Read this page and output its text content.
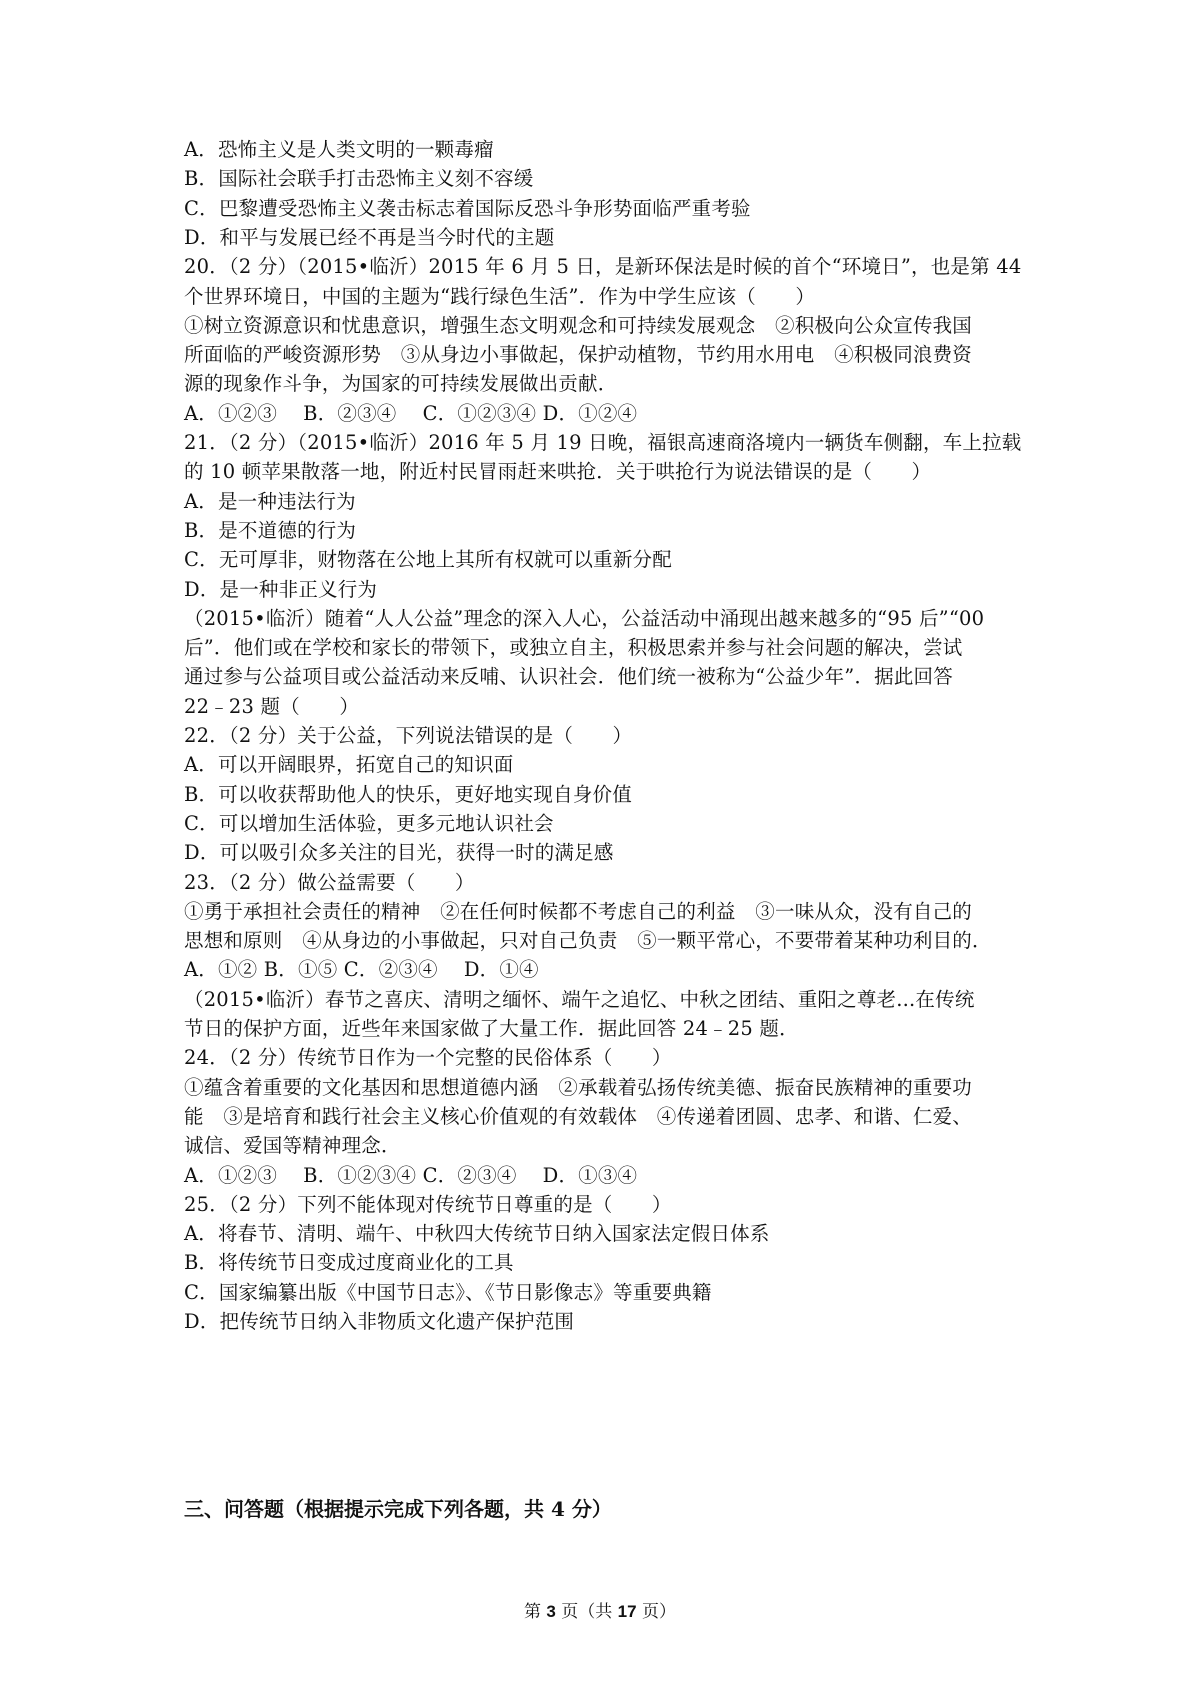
A．恐怖主义是人类文明的一颗毒瘤
B．国际社会联手打击恐怖主义刻不容缓
C．巴黎遭受恐怖主义袭击标志着国际反恐斗争形势面临严重考验
D．和平与发展已经不再是当今时代的主题
20．（2 分）（2015•临沂）2015 年 6 月 5 日，是新环保法是时候的首个“环境日”，也是第 44
个世界环境日，中国的主题为“践行绿色生活”．作为中学生应该（　　）
①树立资源意识和忧患意识，增强生态文明观念和可持续发展观念　②积极向公众宣传我国
所面临的严峻资源形势　③从身边小事做起，保护动植物，节约用水用电　④积极同浪费资
源的现象作斗争，为国家的可持续发展做出贡献．
A．①②③　 B．②③④　 C．①②③④ D．①②④
21．（2 分）（2015•临沂）2016 年 5 月 19 日晚，福银高速商洛境内一辆货车侧翻，车上拉载
的 10 顿苹果散落一地，附近村民冒雨赶来哄抢．关于哄抢行为说法错误的是（　　）
A．是一种违法行为
B．是不道德的行为
C．无可厚非，财物落在公地上其所有权就可以重新分配
D．是一种非正义行为
（2015•临沂）随着“人人公益”理念的深入人心，公益活动中涌现出越来越多的“95 后”“00
后”．他们或在学校和家长的带领下，或独立自主，积极思索并参与社会问题的解决，尝试
通过参与公益项目或公益活动来反哺、认识社会．他们统一被称为“公益少年”．据此回答
22﹣23 题（　　）
22．（2 分）关于公益，下列说法错误的是（　　）
A．可以开阔眼界，拓宽自己的知识面
B．可以收获帮助他人的快乐，更好地实现自身价值
C．可以增加生活体验，更多元地认识社会
D．可以吸引众多关注的目光，获得一时的满足感
23．（2 分）做公益需要（　　）
①勇于承担社会责任的精神　②在任何时候都不考虑自己的利益　③一味从众，没有自己的
思想和原则　④从身边的小事做起，只对自己负责　⑤一颗平常心，不要带着某种功利目的．
A．①② B．①⑤ C．②③④　 D．①④
（2015•临沂）春节之喜庆、清明之缅怀、端午之追忆、中秋之团结、重阳之尊老...在传统
节日的保护方面，近些年来国家做了大量工作．据此回答 24﹣25 题．
24．（2 分）传统节日作为一个完整的民俗体系（　　）
①蕴含着重要的文化基因和思想道德内涵　②承载着弘扬传统美德、振奋民族精神的重要功
能　③是培育和践行社会主义核心价值观的有效载体　④传递着团圆、忠孝、和谐、仁爱、
诚信、爱国等精神理念．
A．①②③　 B．①②③④ C．②③④　 D．①③④
25．（2 分）下列不能体现对传统节日尊重的是（　　）
A．将春节、清明、端午、中秋四大传统节日纳入国家法定假日体系
B．将传统节日变成过度商业化的工具
C．国家编纂出版《中国节日志》、《节日影像志》等重要典籍
D．把传统节日纳入非物质文化遗产保护范围
三、问答题（根据提示完成下列各题，共 4 分）
第 3 页（共 17 页）
